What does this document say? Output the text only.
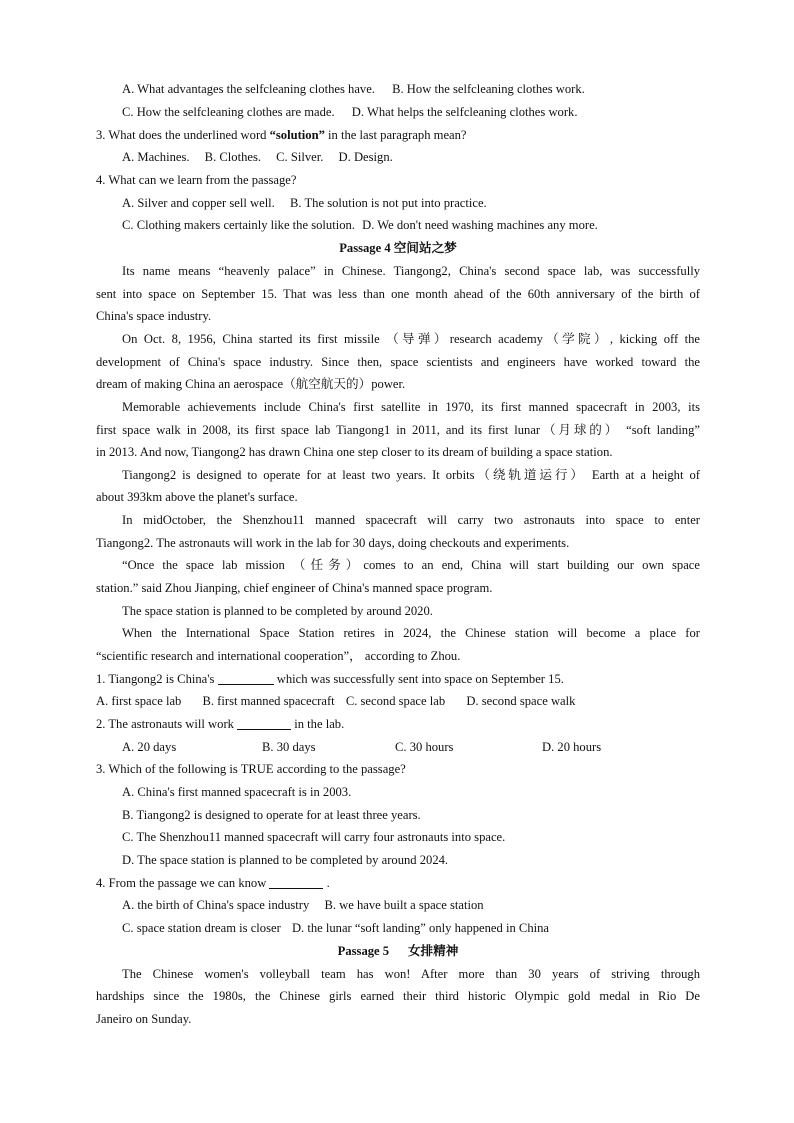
A. What advantages the selfcleaning clothes have. B. How the selfcleaning clothes work.
C. How the selfcleaning clothes are made. D. What helps the selfcleaning clothes work.
3. What does the underlined word “solution” in the last paragraph mean?
A. Machines. B. Clothes. C. Silver. D. Design.
4. What can we learn from the passage?
A. Silver and copper sell well. B. The solution is not put into practice.
C. Clothing makers certainly like the solution. D. We don't need washing machines any more.
Passage 4 空间站之梦
Its name means “heavenly palace” in Chinese. Tiangong2, China's second space lab, was successfully
sent into space on September 15. That was less than one month ahead of the 60th anniversary of the birth of
China's space industry.
On Oct. 8, 1956, China started its first missile （导弹）research academy（学院）, kicking off the
development of China's space industry. Since then, space scientists and engineers have worked toward the
dream of making China an aerospace（航空航天的）power.
Memorable achievements include China's first satellite in 1970, its first manned spacecraft in 2003, its
first space walk in 2008, its first space lab Tiangong1 in 2011, and its first lunar（月球的） “soft landing”
in 2013. And now, Tiangong2 has drawn China one step closer to its dream of building a space station.
Tiangong2 is designed to operate for at least two years. It orbits（绕轨道运行） Earth at a height of
about 393km above the planet's surface.
In midOctober, the Shenzhou11 manned spacecraft will carry two astronauts into space to enter
Tiangong2. The astronauts will work in the lab for 30 days, doing checkouts and experiments.
“Once the space lab mission （任务）comes to an end, China will start building our own space
station.” said Zhou Jianping, chief engineer of China's manned space program.
The space station is planned to be completed by around 2020.
When the International Space Station retires in 2024, the Chinese station will become a place for
“scientific research and international cooperation”， according to Zhou.
1. Tiangong2 is China's	which was successfully sent into space on September 15.
A. first space lab B. first manned spacecraft C. second space lab D. second space walk
2. The astronauts will work	in the lab.
A. 20 days	B. 30 days	C. 30 hours	D. 20 hours
3. Which of the following is TRUE according to the passage?
A. China's first manned spacecraft is in 2003.
B. Tiangong2 is designed to operate for at least three years.
C. The Shenzhou11 manned spacecraft will carry four astronauts into space.
D. The space station is planned to be completed by around 2024.
4. From the passage we can know	.
A. the birth of China's space industry B. we have built a space station
C. space station dream is closer D. the lunar “soft landing” only happened in China
Passage 5      女排精神
The Chinese women's volleyball team has won! After more than 30 years of striving through
hardships since the 1980s, the Chinese girls earned their third historic Olympic gold medal in Rio De
Janeiro on Sunday.
